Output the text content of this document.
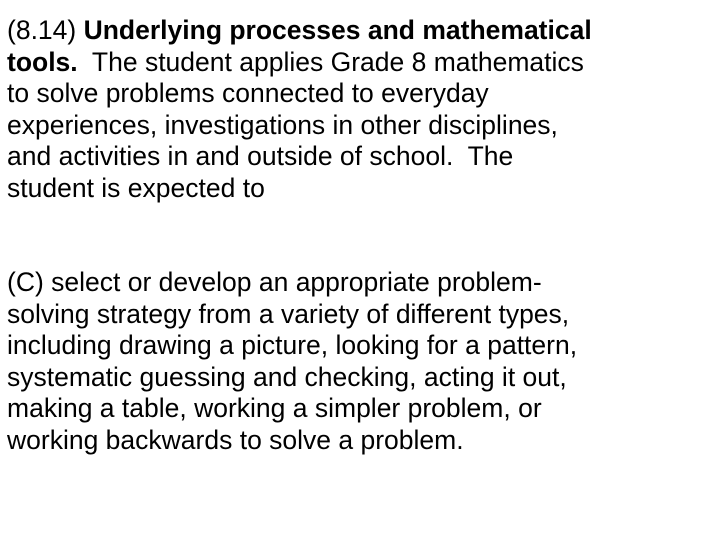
(8.14) Underlying processes and mathematical
tools. The student applies Grade 8 mathematics
to solve problems connected to everyday
experiences, investigations in other disciplines,
and activities in and outside of school.  The
student is expected to
(C) select or develop an appropriate problem-
solving strategy from a variety of different types,
including drawing a picture, looking for a pattern,
systematic guessing and checking, acting it out,
making a table, working a simpler problem, or
working backwards to solve a problem.
